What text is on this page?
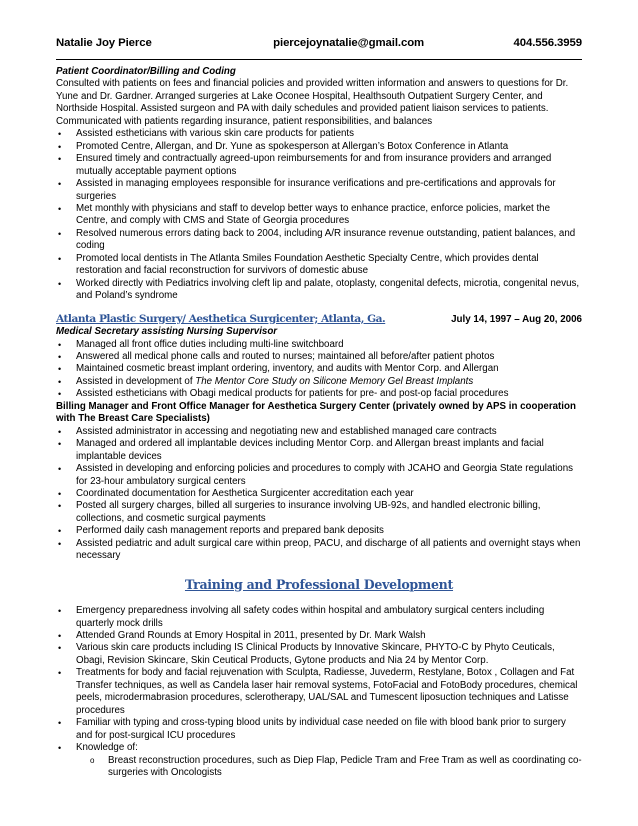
Natalie Joy Pierce	piercejoynatalie@gmail.com	404.556.3959
Patient Coordinator/Billing and Coding

Consulted with patients on fees and financial policies and provided written information and answers to questions for Dr. Yune and Dr. Gardner. Arranged surgeries at Lake Oconee Hospital, Healthsouth Outpatient Surgery Center, and Northside Hospital. Assisted surgeon and PA with daily schedules and provided patient liaison services to patients. Communicated with patients regarding insurance, patient responsibilities, and balances

• Assisted estheticians with various skin care products for patients
• Promoted Centre, Allergan, and Dr. Yune as spokesperson at Allergan’s Botox Conference in Atlanta
• Ensured timely and contractually agreed-upon reimbursements for and from insurance providers and arranged mutually acceptable payment options
• Assisted in managing employees responsible for insurance verifications and pre-certifications and approvals for surgeries
• Met monthly with physicians and staff to develop better ways to enhance practice, enforce policies, market the Centre, and comply with CMS and State of Georgia procedures
• Resolved numerous errors dating back to 2004, including A/R insurance revenue outstanding, patient balances, and coding
• Promoted local dentists in The Atlanta Smiles Foundation Aesthetic Specialty Centre, which provides dental restoration and facial reconstruction for survivors of domestic abuse
• Worked directly with Pediatrics involving cleft lip and palate, otoplasty, congenital defects, microtia, congenital nevus, and Poland’s syndrome
Atlanta Plastic Surgery/ Aesthetica Surgicenter; Atlanta, Ga.	July 14, 1997 – Aug 20, 2006
Medical Secretary assisting Nursing Supervisor
• Managed all front office duties including multi-line switchboard
• Answered all medical phone calls and routed to nurses; maintained all before/after patient photos
• Maintained cosmetic breast implant ordering, inventory, and audits with Mentor Corp. and Allergan
• Assisted in development of The Mentor Core Study on Silicone Memory Gel Breast Implants
• Assisted estheticians with Obagi medical products for patients for pre- and post-op facial procedures
Billing Manager and Front Office Manager for Aesthetica Surgery Center (privately owned by APS in cooperation with The Breast Care Specialists)
• Assisted administrator in accessing and negotiating new and established managed care contracts
• Managed and ordered all implantable devices including Mentor Corp. and Allergan breast implants and facial implantable devices
• Assisted in developing and enforcing policies and procedures to comply with JCAHO and Georgia State regulations for 23-hour ambulatory surgical centers
• Coordinated documentation for Aesthetica Surgicenter accreditation each year
• Posted all surgery charges, billed all surgeries to insurance involving UB-92s, and handled electronic billing, collections, and cosmetic surgical payments
• Performed daily cash management reports and prepared bank deposits
• Assisted pediatric and adult surgical care within preop, PACU, and discharge of all patients and overnight stays when necessary
Training and Professional Development
• Emergency preparedness involving all safety codes within hospital and ambulatory surgical centers including quarterly mock drills
• Attended Grand Rounds at Emory Hospital in 2011, presented by Dr. Mark Walsh
• Various skin care products including IS Clinical Products by Innovative Skincare, PHYTO-C by Phyto Ceuticals, Obagi, Revision Skincare, Skin Ceutical Products, Gytone products and Nia 24 by Mentor Corp.
• Treatments for body and facial rejuvenation with Sculpta, Radiesse, Juvederm, Restylane, Botox , Collagen and Fat Transfer techniques, as well as Candela laser hair removal systems, FotoFacial and FotoBody procedures, chemical peels, microdermabrasion procedures, sclerotherapy, UAL/SAL and Tumescent liposuction techniques and Latisse procedures
• Familiar with typing and cross-typing blood units by individual case needed on file with blood bank prior to surgery and for post-surgical ICU procedures
• Knowledge of:
o Breast reconstruction procedures, such as Diep Flap, Pedicle Tram and Free Tram as well as coordinating co-surgeries with Oncologists
